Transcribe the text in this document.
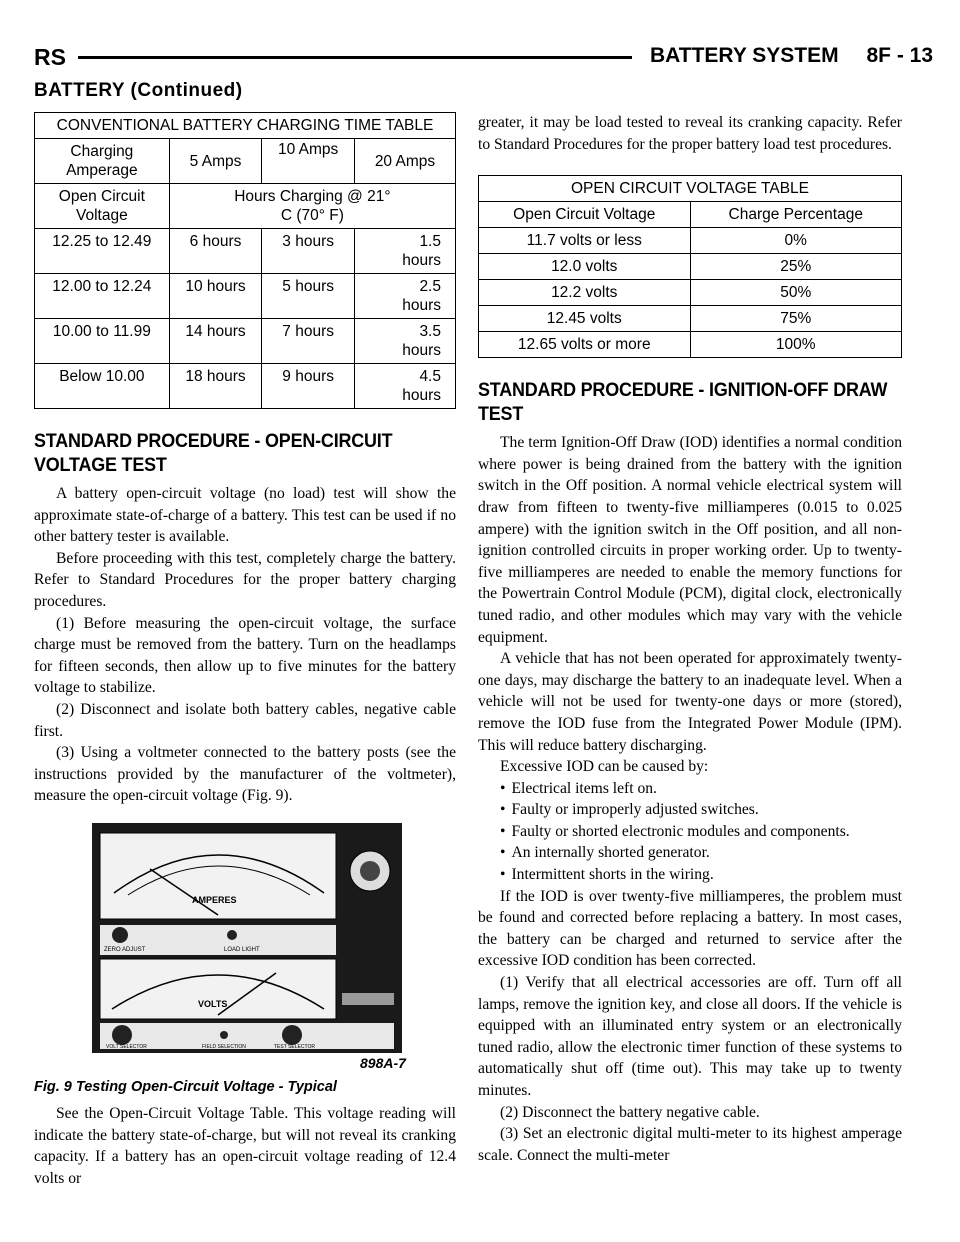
RS	BATTERY SYSTEM 8F - 13
BATTERY (Continued)
CONVENTIONAL BATTERY CHARGING TIME TABLE			
Charging Amperage	5 Amps	10 Amps	20 Amps
Open Circuit Voltage	Hours Charging @ 21° C (70° F)		
12.25 to 12.49	6 hours	3 hours	1.5 hours
12.00 to 12.24	10 hours	5 hours	2.5 hours
10.00 to 11.99	14 hours	7 hours	3.5 hours
Below 10.00	18 hours	9 hours	4.5 hours
STANDARD PROCEDURE - OPEN-CIRCUIT VOLTAGE TEST

A battery open-circuit voltage (no load) test will show the approximate state-of-charge of a battery. This test can be used if no other battery tester is available.

Before proceeding with this test, completely charge the battery. Refer to Standard Procedures for the proper battery charging procedures.

(1) Before measuring the open-circuit voltage, the surface charge must be removed from the battery. Turn on the headlamps for fifteen seconds, then allow up to five minutes for the battery voltage to stabilize.

(2) Disconnect and isolate both battery cables, negative cable first.

(3) Using a voltmeter connected to the battery posts (see the instructions provided by the manufacturer of the voltmeter), measure the open-circuit voltage (Fig. 9).

AMPERES
ZERO ADJUST	LOAD LIGHT
VOLTS
VOLT SELECTOR	FIELD SELECTION	TEST SELECTOR
898A-7
Fig. 9 Testing Open-Circuit Voltage - Typical

See the Open-Circuit Voltage Table. This voltage reading will indicate the battery state-of-charge, but will not reveal its cranking capacity. If a battery has an open-circuit voltage reading of 12.4 volts or

greater, it may be load tested to reveal its cranking capacity. Refer to Standard Procedures for the proper battery load test procedures.

OPEN CIRCUIT VOLTAGE TABLE	
Open Circuit Voltage	Charge Percentage
11.7 volts or less	0%
12.0 volts	25%
12.2 volts	50%
12.45 volts	75%
12.65 volts or more	100%
STANDARD PROCEDURE - IGNITION-OFF DRAW TEST

The term Ignition-Off Draw (IOD) identifies a normal condition where power is being drained from the battery with the ignition switch in the Off position. A normal vehicle electrical system will draw from fifteen to twenty-five milliamperes (0.015 to 0.025 ampere) with the ignition switch in the Off position, and all non-ignition controlled circuits in proper working order. Up to twenty-five milliamperes are needed to enable the memory functions for the Powertrain Control Module (PCM), digital clock, electronically tuned radio, and other modules which may vary with the vehicle equipment.

A vehicle that has not been operated for approximately twenty-one days, may discharge the battery to an inadequate level. When a vehicle will not be used for twenty-one days or more (stored), remove the IOD fuse from the Integrated Power Module (IPM). This will reduce battery discharging.

Excessive IOD can be caused by:

• Electrical items left on.

• Faulty or improperly adjusted switches.

• Faulty or shorted electronic modules and components.

• An internally shorted generator.

• Intermittent shorts in the wiring.

If the IOD is over twenty-five milliamperes, the problem must be found and corrected before replacing a battery. In most cases, the battery can be charged and returned to service after the excessive IOD condition has been corrected.

(1) Verify that all electrical accessories are off. Turn off all lamps, remove the ignition key, and close all doors. If the vehicle is equipped with an illuminated entry system or an electronically tuned radio, allow the electronic timer function of these systems to automatically shut off (time out). This may take up to twenty minutes.

(2) Disconnect the battery negative cable.

(3) Set an electronic digital multi-meter to its highest amperage scale. Connect the multi-meter
